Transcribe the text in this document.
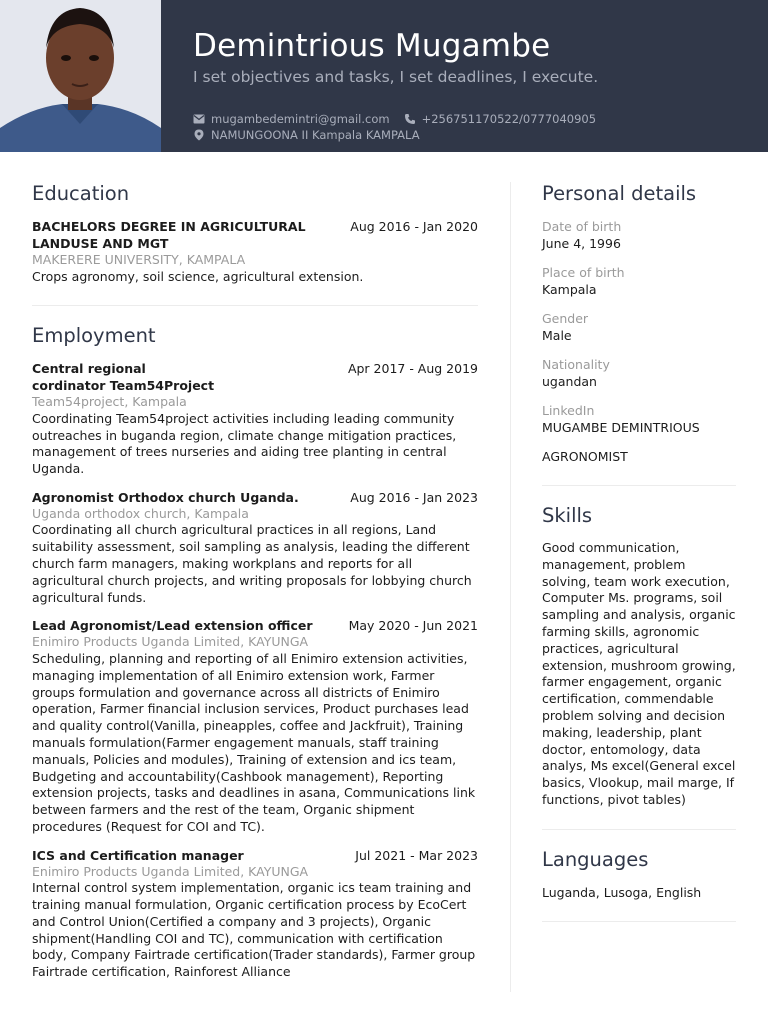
Demintrious Mugambe
I set objectives and tasks, I set deadlines, I execute.
mugambedemintri@gmail.com	+256751170522/0777040905
NAMUNGOONA II Kampala KAMPALA
Education
BACHELORS DEGREE IN AGRICULTURAL LANDUSE AND MGT
Aug 2016 - Jan 2020
MAKERERE UNIVERSITY, KAMPALA
Crops agronomy, soil science, agricultural extension.
Employment
Central regional cordinator Team54Project
Apr 2017 - Aug 2019
Team54project, Kampala
Coordinating Team54project activities including leading community outreaches in buganda region, climate change mitigation practices, management of trees nurseries and aiding tree planting in central Uganda.
Agronomist Orthodox church Uganda.	Aug 2016 - Jan 2023
Uganda orthodox church, Kampala
Coordinating all church agricultural practices in all regions, Land suitability assessment, soil sampling as analysis, leading the different church farm managers, making workplans and reports for all agricultural church projects, and writing proposals for lobbying church agricultural funds.
Lead Agronomist/Lead extension officer	May 2020 - Jun 2021
Enimiro Products Uganda Limited, KAYUNGA
Scheduling, planning and reporting of all Enimiro extension activities, managing implementation of all Enimiro extension work, Farmer groups formulation and governance across all districts of Enimiro operation, Farmer financial inclusion services, Product purchases lead and quality control(Vanilla, pineapples, coffee and Jackfruit), Training manuals formulation(Farmer engagement manuals, staff training manuals, Policies and modules), Training of extension and ics team, Budgeting and accountability(Cashbook management), Reporting extension projects, tasks and deadlines in asana, Communications link between farmers and the rest of the team, Organic shipment procedures (Request for COI and TC).
ICS and Certification manager	Jul 2021 - Mar 2023
Enimiro Products Uganda Limited, KAYUNGA
Internal control system implementation, organic ics team training and training manual formulation, Organic certification process by EcoCert and Control Union(Certified a company and 3 projects), Organic shipment(Handling COI and TC), communication with certification body, Company Fairtrade certification(Trader standards), Farmer group Fairtrade certification, Rainforest Alliance
Personal details
Date of birth
June 4, 1996
Place of birth
Kampala
Gender
Male
Nationality
ugandan
LinkedIn
MUGAMBE DEMINTRIOUS
AGRONOMIST
Skills
Good communication, management, problem solving, team work execution, Computer Ms. programs, soil sampling and analysis, organic farming skills, agronomic practices, agricultural extension, mushroom growing, farmer engagement, organic certification, commendable problem solving and decision making, leadership, plant doctor, entomology, data analys, Ms excel(General excel basics, Vlookup, mail marge, If functions, pivot tables)
Languages
Luganda, Lusoga, English
